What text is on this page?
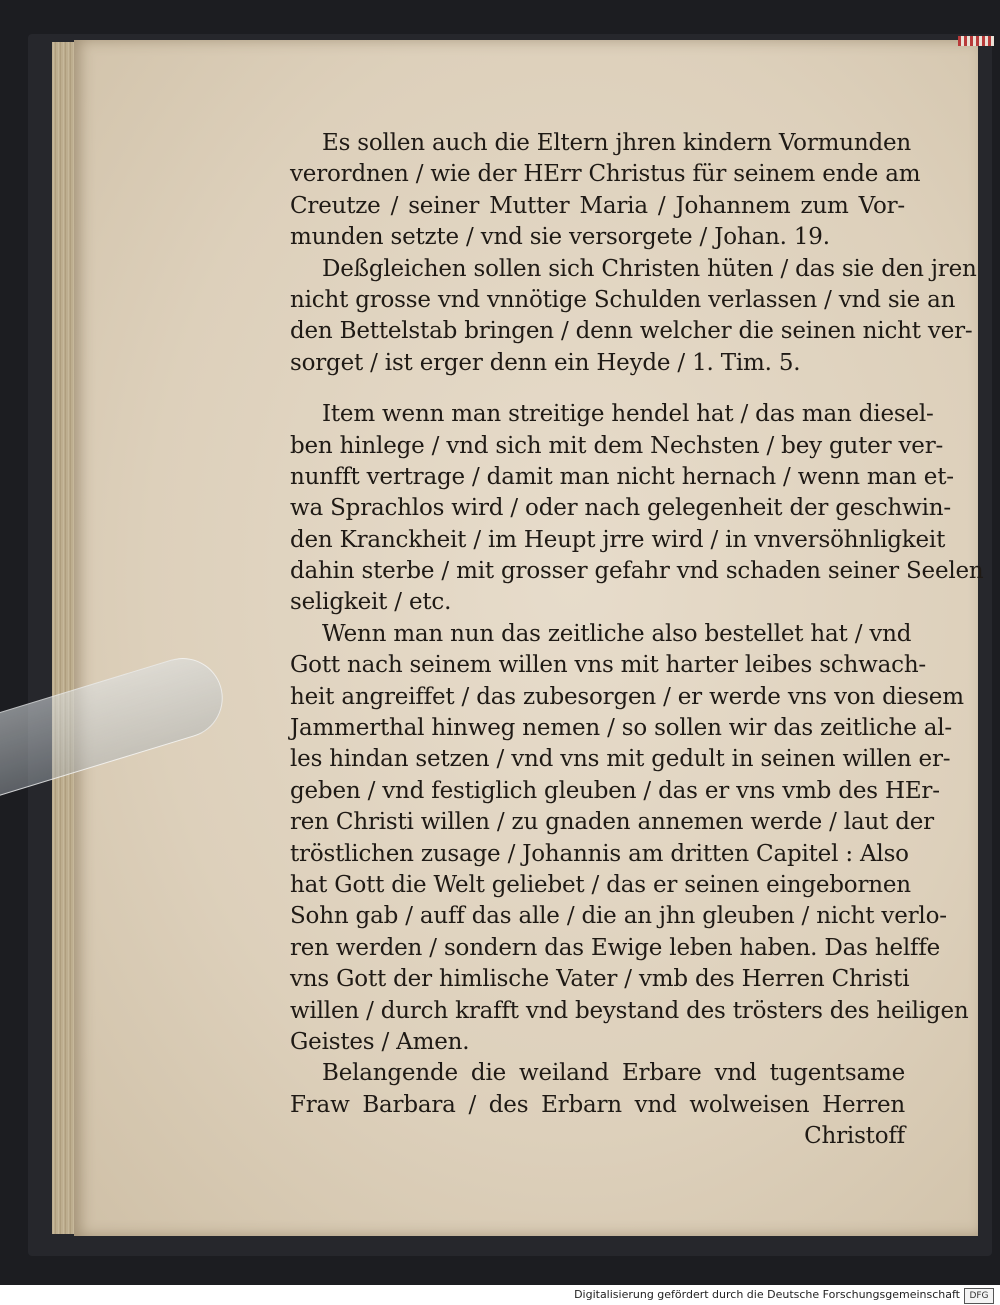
Es sollen auch die Eltern jhren kindern Vormunden
verordnen / wie der HErr Christus für seinem ende am
Creutze / seiner Mutter Maria / Johannem zum Vor-
munden setzte / vnd sie versorgete / Johan. 19.
Deßgleichen sollen sich Christen hüten / das sie den jren
nicht grosse vnd vnnötige Schulden verlassen / vnd sie an
den Bettelstab bringen / denn welcher die seinen nicht ver-
sorget / ist erger denn ein Heyde / 1. Tim. 5.
Item wenn man streitige hendel hat / das man diesel-
ben hinlege / vnd sich mit dem Nechsten / bey guter ver-
nunfft vertrage / damit man nicht hernach / wenn man et-
wa Sprachlos wird / oder nach gelegenheit der geschwin-
den Kranckheit / im Heupt jrre wird / in vnversöhnligkeit
dahin sterbe / mit grosser gefahr vnd schaden seiner Seelen
seligkeit / etc.
Wenn man nun das zeitliche also bestellet hat / vnd
Gott nach seinem willen vns mit harter leibes schwach-
heit angreiffet / das zubesorgen / er werde vns von diesem
Jammerthal hinweg nemen / so sollen wir das zeitliche al-
les hindan setzen / vnd vns mit gedult in seinen willen er-
geben / vnd festiglich gleuben / das er vns vmb des HEr-
ren Christi willen / zu gnaden annemen werde / laut der
tröstlichen zusage / Johannis am dritten Capitel : Also
hat Gott die Welt geliebet / das er seinen eingebornen
Sohn gab / auff das alle / die an jhn gleuben / nicht verlo-
ren werden / sondern das Ewige leben haben. Das helffe
vns Gott der himlische Vater / vmb des Herren Christi
willen / durch krafft vnd beystand des trösters des heiligen
Geistes / Amen.
Belangende die weiland Erbare vnd tugentsame
Fraw Barbara / des Erbarn vnd wolweisen Herren
Christoff
Digitalisierung gefördert durch die Deutsche Forschungsgemeinschaft	DFG
